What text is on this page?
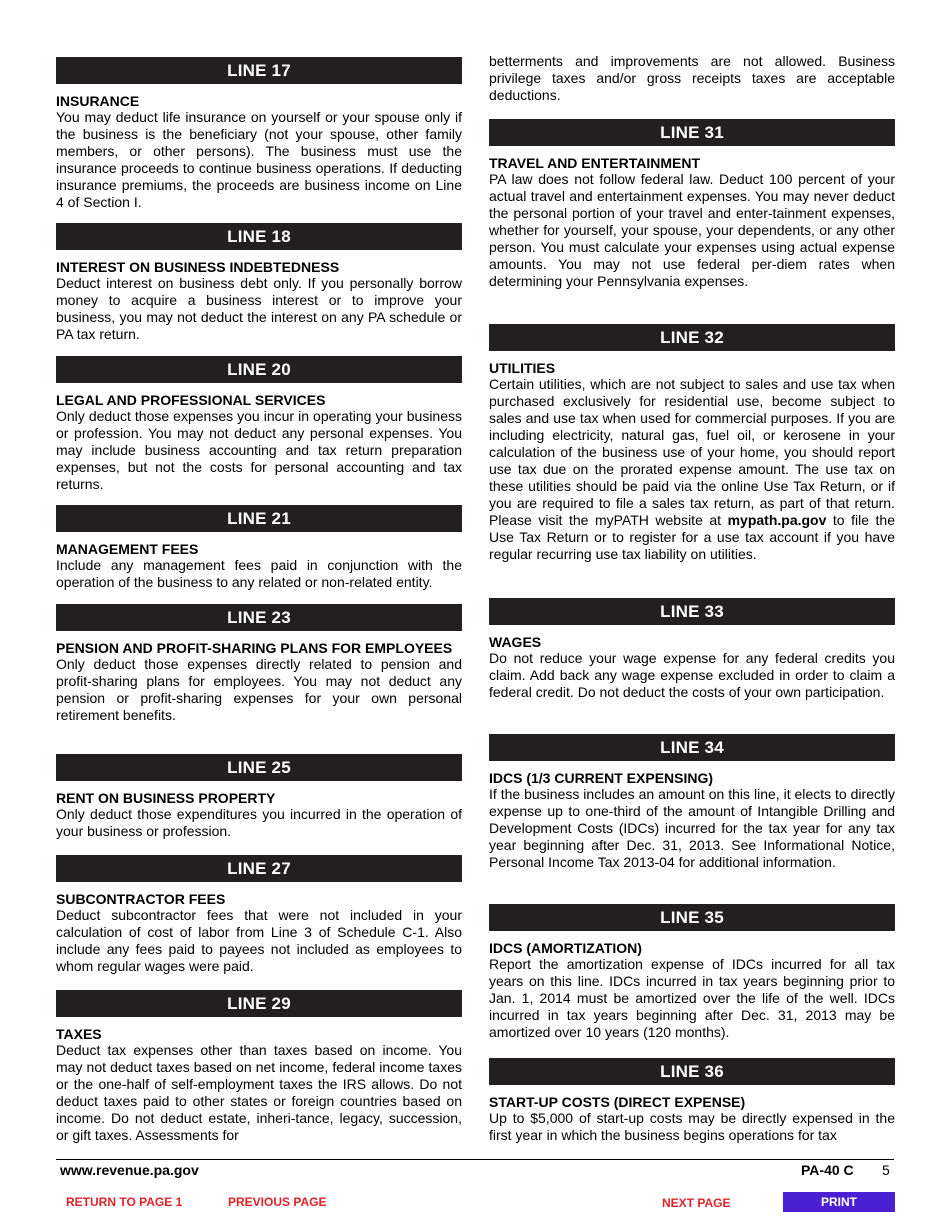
LINE 17
INSURANCE
You may deduct life insurance on yourself or your spouse only if the business is the beneficiary (not your spouse, other family members, or other persons). The business must use the insurance proceeds to continue business operations. If deducting insurance premiums, the proceeds are business income on Line 4 of Section I.
LINE 18
INTEREST ON BUSINESS INDEBTEDNESS
Deduct interest on business debt only. If you personally borrow money to acquire a business interest or to improve your business, you may not deduct the interest on any PA schedule or PA tax return.
LINE 20
LEGAL AND PROFESSIONAL SERVICES
Only deduct those expenses you incur in operating your business or profession. You may not deduct any personal expenses. You may include business accounting and tax return preparation expenses, but not the costs for personal accounting and tax returns.
LINE 21
MANAGEMENT FEES
Include any management fees paid in conjunction with the operation of the business to any related or non-related entity.
LINE 23
PENSION AND PROFIT-SHARING PLANS FOR EMPLOYEES
Only deduct those expenses directly related to pension and profit-sharing plans for employees. You may not deduct any pension or profit-sharing expenses for your own personal retirement benefits.
LINE 25
RENT ON BUSINESS PROPERTY
Only deduct those expenditures you incurred in the operation of your business or profession.
LINE 27
SUBCONTRACTOR FEES
Deduct subcontractor fees that were not included in your calculation of cost of labor from Line 3 of Schedule C-1. Also include any fees paid to payees not included as employees to whom regular wages were paid.
LINE 29
TAXES
Deduct tax expenses other than taxes based on income. You may not deduct taxes based on net income, federal income taxes or the one-half of self-employment taxes the IRS allows. Do not deduct taxes paid to other states or foreign countries based on income. Do not deduct estate, inheri-tance, legacy, succession, or gift taxes. Assessments for
betterments and improvements are not allowed. Business privilege taxes and/or gross receipts taxes are acceptable deductions.
LINE 31
TRAVEL AND ENTERTAINMENT
PA law does not follow federal law. Deduct 100 percent of your actual travel and entertainment expenses. You may never deduct the personal portion of your travel and enter-tainment expenses, whether for yourself, your spouse, your dependents, or any other person. You must calculate your expenses using actual expense amounts. You may not use federal per-diem rates when determining your Pennsylvania expenses.
LINE 32
UTILITIES
Certain utilities, which are not subject to sales and use tax when purchased exclusively for residential use, become subject to sales and use tax when used for commercial purposes. If you are including electricity, natural gas, fuel oil, or kerosene in your calculation of the business use of your home, you should report use tax due on the prorated expense amount. The use tax on these utilities should be paid via the online Use Tax Return, or if you are required to file a sales tax return, as part of that return. Please visit the myPATH website at mypath.pa.gov to file the Use Tax Return or to register for a use tax account if you have regular recurring use tax liability on utilities.
LINE 33
WAGES
Do not reduce your wage expense for any federal credits you claim. Add back any wage expense excluded in order to claim a federal credit. Do not deduct the costs of your own participation.
LINE 34
IDCS (1/3 CURRENT EXPENSING)
If the business includes an amount on this line, it elects to directly expense up to one-third of the amount of Intangible Drilling and Development Costs (IDCs) incurred for the tax year for any tax year beginning after Dec. 31, 2013. See Informational Notice, Personal Income Tax 2013-04 for additional information.
LINE 35
IDCS (AMORTIZATION)
Report the amortization expense of IDCs incurred for all tax years on this line. IDCs incurred in tax years beginning prior to Jan. 1, 2014 must be amortized over the life of the well. IDCs incurred in tax years beginning after Dec. 31, 2013 may be amortized over 10 years (120 months).
LINE 36
START-UP COSTS (DIRECT EXPENSE)
Up to $5,000 of start-up costs may be directly expensed in the first year in which the business begins operations for tax
www.revenue.pa.gov	PA-40 C 5
RETURN TO PAGE 1	PREVIOUS PAGE	NEXT PAGE	PRINT
